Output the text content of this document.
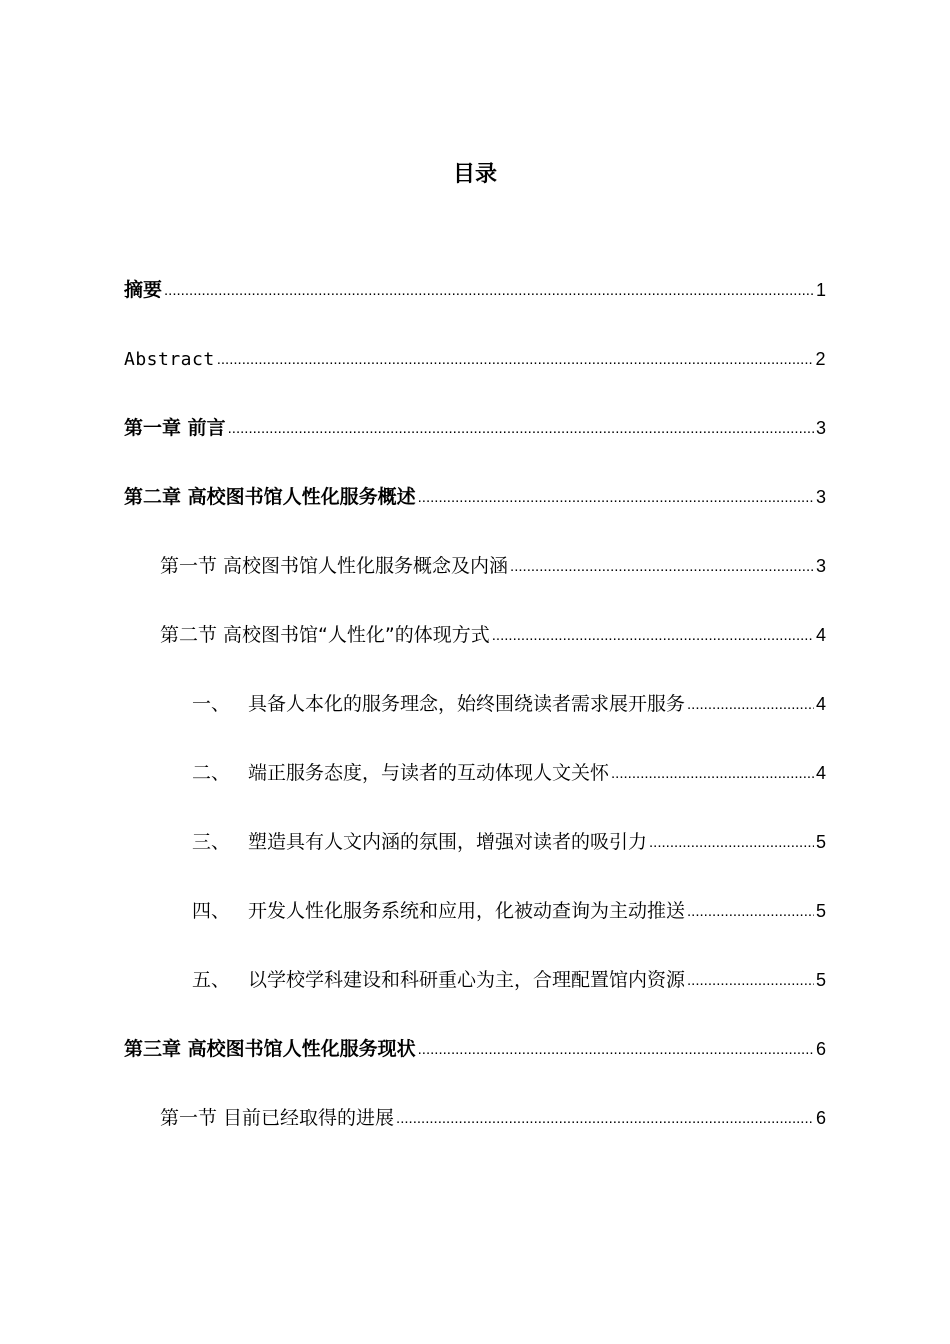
目录
摘要 .....	1
Abstract .....	2
第一章 前言 .....	3
第二章 高校图书馆人性化服务概述 .....	3
第一节 高校图书馆人性化服务概念及内涵 .....	3
第二节 高校图书馆“人性化”的体现方式 .....	4
一、 具备人本化的服务理念，始终围绕读者需求展开服务 .....	4
二、 端正服务态度，与读者的互动体现人文关怀 .....	4
三、 塑造具有人文内涵的氛围，增强对读者的吸引力 .....	5
四、 开发人性化服务系统和应用，化被动查询为主动推送 .....	5
五、 以学校学科建设和科研重心为主，合理配置馆内资源 .....	5
第三章 高校图书馆人性化服务现状 .....	6
第一节 目前已经取得的进展 .....	6
